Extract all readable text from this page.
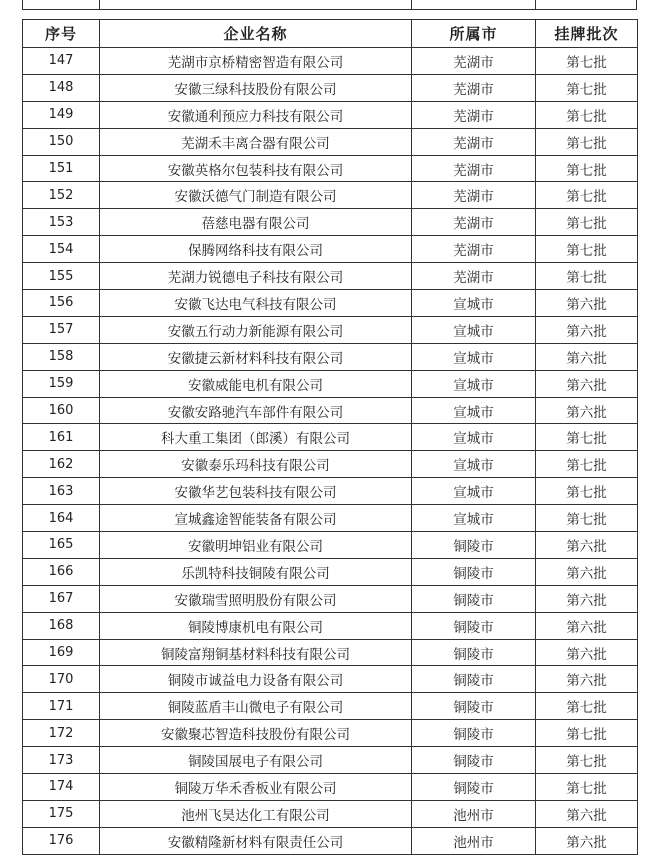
序号	企业名称	所属市	挂牌批次
147	芜湖市京桥精密智造有限公司	芜湖市	第七批
148	安徽三绿科技股份有限公司	芜湖市	第七批
149	安徽通利预应力科技有限公司	芜湖市	第七批
150	芜湖禾丰离合器有限公司	芜湖市	第七批
151	安徽英格尔包装科技有限公司	芜湖市	第七批
152	安徽沃德气门制造有限公司	芜湖市	第七批
153	蓓慈电器有限公司	芜湖市	第七批
154	保腾网络科技有限公司	芜湖市	第七批
155	芜湖力锐德电子科技有限公司	芜湖市	第七批
156	安徽飞达电气科技有限公司	宣城市	第六批
157	安徽五行动力新能源有限公司	宣城市	第六批
158	安徽捷云新材料科技有限公司	宣城市	第六批
159	安徽威能电机有限公司	宣城市	第六批
160	安徽安路驰汽车部件有限公司	宣城市	第六批
161	科大重工集团（郎溪）有限公司	宣城市	第七批
162	安徽泰乐玛科技有限公司	宣城市	第七批
163	安徽华艺包装科技有限公司	宣城市	第七批
164	宣城鑫途智能装备有限公司	宣城市	第七批
165	安徽明坤铝业有限公司	铜陵市	第六批
166	乐凯特科技铜陵有限公司	铜陵市	第六批
167	安徽瑞雪照明股份有限公司	铜陵市	第六批
168	铜陵博康机电有限公司	铜陵市	第六批
169	铜陵富翔铜基材料科技有限公司	铜陵市	第六批
170	铜陵市诚益电力设备有限公司	铜陵市	第六批
171	铜陵蓝盾丰山微电子有限公司	铜陵市	第七批
172	安徽聚芯智造科技股份有限公司	铜陵市	第七批
173	铜陵国展电子有限公司	铜陵市	第七批
174	铜陵万华禾香板业有限公司	铜陵市	第七批
175	池州飞昊达化工有限公司	池州市	第六批
176	安徽精隆新材料有限责任公司	池州市	第六批
